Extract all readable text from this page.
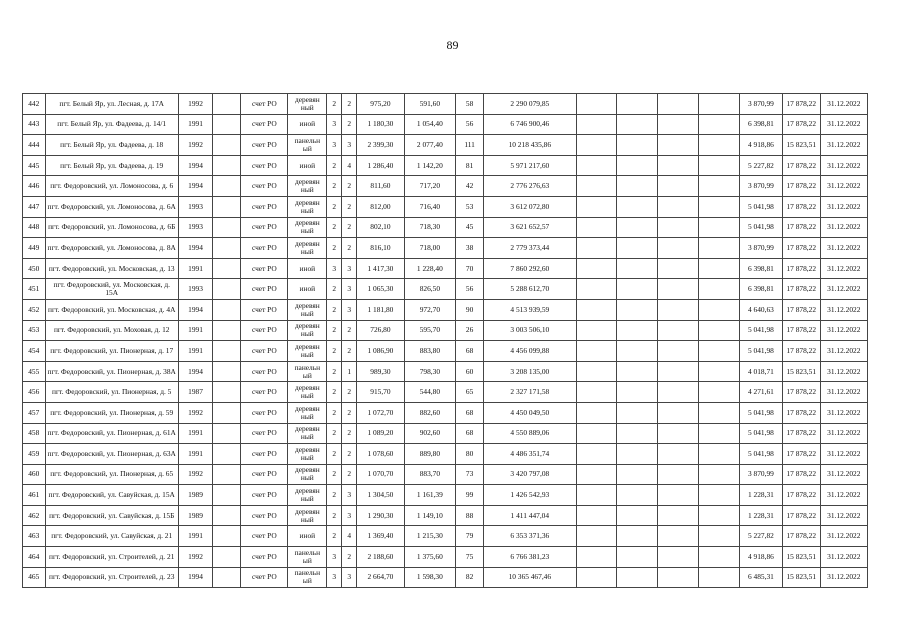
89
442	пгт. Белый Яр, ул. Лесная, д. 17А	1992		счет РО	деревян ный	2	2	975,20	591,60	58	2 290 079,85					3 870,99	17 878,22	31.12.2022
443	пгт. Белый Яр, ул. Фадеева, д. 14/1	1991		счет РО	иной	3	2	1 180,30	1 054,40	56	6 746 900,46					6 398,81	17 878,22	31.12.2022
444	пгт. Белый Яр, ул. Фадеева, д. 18	1992		счет РО	панельн ый	3	3	2 399,30	2 077,40	111	10 218 435,86					4 918,86	15 823,51	31.12.2022
445	пгт. Белый Яр, ул. Фадеева, д. 19	1994		счет РО	иной	2	4	1 286,40	1 142,20	81	5 971 217,60					5 227,82	17 878,22	31.12.2022
446	пгт. Федоровский, ул. Ломоносова, д. 6	1994		счет РО	деревян ный	2	2	811,60	717,20	42	2 776 276,63					3 870,99	17 878,22	31.12.2022
447	пгт. Федоровский, ул. Ломоносова, д. 6А	1993		счет РО	деревян ный	2	2	812,00	716,40	53	3 612 072,80					5 041,98	17 878,22	31.12.2022
448	пгт. Федоровский, ул. Ломоносова, д. 6Б	1993		счет РО	деревян ный	2	2	802,10	718,30	45	3 621 652,57					5 041,98	17 878,22	31.12.2022
449	пгт. Федоровский, ул. Ломоносова, д. 8А	1994		счет РО	деревян ный	2	2	816,10	718,00	38	2 779 373,44					3 870,99	17 878,22	31.12.2022
450	пгт. Федоровский, ул. Московская, д. 13	1991		счет РО	иной	3	3	1 417,30	1 228,40	70	7 860 292,60					6 398,81	17 878,22	31.12.2022
451	пгт. Федоровский, ул. Московская, д. 15А	1993		счет РО	иной	2	3	1 065,30	826,50	56	5 288 612,70					6 398,81	17 878,22	31.12.2022
452	пгт. Федоровский, ул. Московская, д. 4А	1994		счет РО	деревян ный	2	3	1 181,80	972,70	90	4 513 939,59					4 640,63	17 878,22	31.12.2022
453	пгт. Федоровский, ул. Моховая, д. 12	1991		счет РО	деревян ный	2	2	726,80	595,70	26	3 003 506,10					5 041,98	17 878,22	31.12.2022
454	пгт. Федоровский, ул. Пионерная, д. 17	1991		счет РО	деревян ный	2	2	1 086,90	883,80	68	4 456 099,88					5 041,98	17 878,22	31.12.2022
455	пгт. Федоровский, ул. Пионерная, д. 38А	1994		счет РО	панельн ый	2	1	989,30	798,30	60	3 208 135,00					4 018,71	15 823,51	31.12.2022
456	пгт. Федоровский, ул. Пионерная, д. 5	1987		счет РО	деревян ный	2	2	915,70	544,80	65	2 327 171,58					4 271,61	17 878,22	31.12.2022
457	пгт. Федоровский, ул. Пионерная, д. 59	1992		счет РО	деревян ный	2	2	1 072,70	882,60	68	4 450 049,50					5 041,98	17 878,22	31.12.2022
458	пгт. Федоровский, ул. Пионерная, д. 61А	1991		счет РО	деревян ный	2	2	1 089,20	902,60	68	4 550 889,06					5 041,98	17 878,22	31.12.2022
459	пгт. Федоровский, ул. Пионерная, д. 63А	1991		счет РО	деревян ный	2	2	1 078,60	889,80	80	4 486 351,74					5 041,98	17 878,22	31.12.2022
460	пгт. Федоровский, ул. Пионерная, д. 65	1992		счет РО	деревян ный	2	2	1 070,70	883,70	73	3 420 797,08					3 870,99	17 878,22	31.12.2022
461	пгт. Федоровский, ул. Савуйская, д. 15А	1989		счет РО	деревян ный	2	3	1 304,50	1 161,39	99	1 426 542,93					1 228,31	17 878,22	31.12.2022
462	пгт. Федоровский, ул. Савуйская, д. 15Б	1989		счет РО	деревян ный	2	3	1 290,30	1 149,10	88	1 411 447,04					1 228,31	17 878,22	31.12.2022
463	пгт. Федоровский, ул. Савуйская, д. 21	1991		счет РО	иной	2	4	1 369,40	1 215,30	79	6 353 371,36					5 227,82	17 878,22	31.12.2022
464	пгт. Федоровский, ул. Строителей, д. 21	1992		счет РО	панельн ый	3	2	2 188,60	1 375,60	75	6 766 381,23					4 918,86	15 823,51	31.12.2022
465	пгт. Федоровский, ул. Строителей, д. 23	1994		счет РО	панельн ый	3	3	2 664,70	1 598,30	82	10 365 467,46					6 485,31	15 823,51	31.12.2022
